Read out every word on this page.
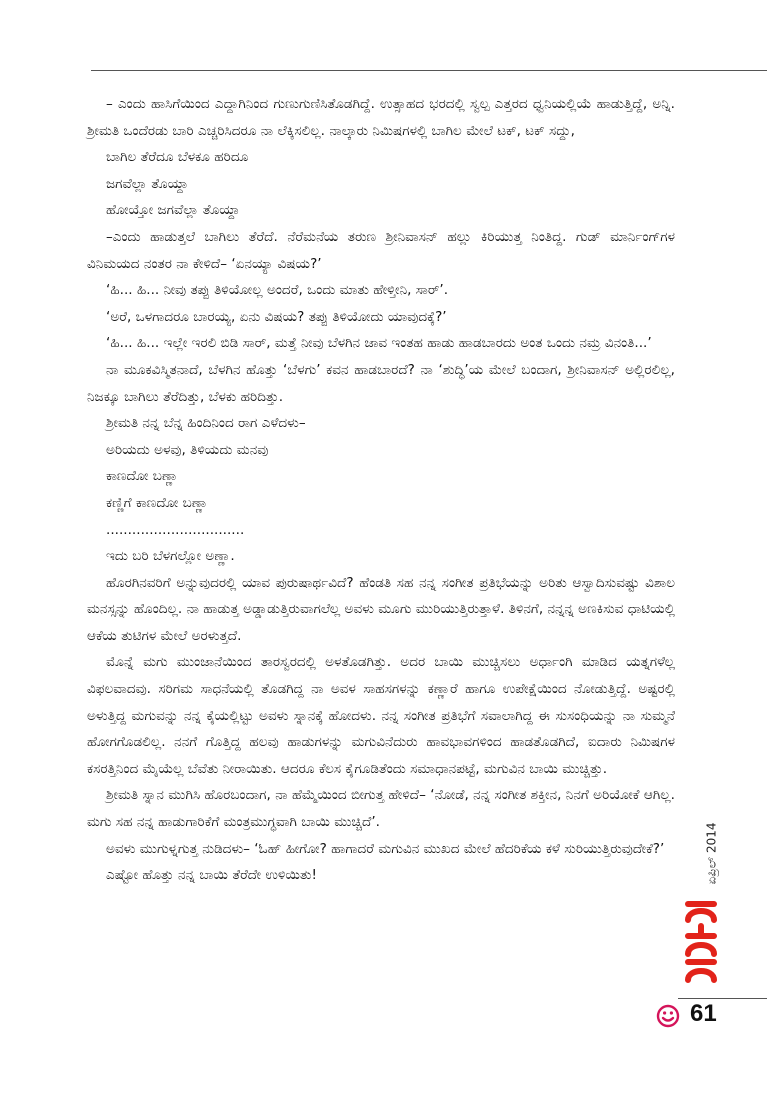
– ಎಂದು ಹಾಸಿಗೆಯಿಂದ ಎದ್ದಾಗಿನಿಂದ ಗುಣುಗುಣಿಸಿತೊಡಗಿದ್ದೆ. ಉತ್ಸಾಹದ ಭರದಲ್ಲಿ ಸ್ವಲ್ಪ ಎತ್ತರದ ಧ್ವನಿಯಲ್ಲಿಯೆ ಹಾಡುತ್ತಿದ್ದೆ, ಅನ್ನಿ. ಶ್ರೀಮತಿ ಒಂದೆರಡು ಬಾರಿ ಎಚ್ಚರಿಸಿದರೂ ನಾ ಲೆಕ್ಕಿಸಲಿಲ್ಲ. ನಾಲ್ಕಾರು ನಿಮಿಷಗಳಲ್ಲಿ ಬಾಗಿಲ ಮೇಲೆ ಟಕ್, ಟಕ್ ಸದ್ದು,

ಬಾಗಿಲ ತೆರೆದೂ ಬೆಳಕೂ ಹರಿದೂ

ಜಗವೆಲ್ಲಾ ತೊಯ್ದಾ

ಹೋಯ್ತೋ ಜಗವೆಲ್ಲಾ ತೊಯ್ದಾ

–ಎಂದು ಹಾಡುತ್ತಲೆ ಬಾಗಿಲು ತೆರೆದೆ. ನೆರೆಮನೆಯ ತರುಣ ಶ್ರೀನಿವಾಸನ್ ಹಲ್ಲು ಕಿರಿಯುತ್ತ ನಿಂತಿದ್ದ. ಗುಡ್ ಮಾರ್ನಿಂಗ್‌ಗಳ ವಿನಿಮಯದ ನಂತರ ನಾ ಕೇಳಿದೆ– ‘ಏನಯ್ಯಾ ವಿಷಯ?’

‘ಹಿ... ಹಿ... ನೀವು ತಪ್ಪು ತಿಳಿಯೋಲ್ಲ ಅಂದರೆ, ಒಂದು ಮಾತು ಹೇಳ್ತೀನಿ, ಸಾರ್’.

‘ಅರೆ, ಒಳಗಾದರೂ ಬಾರಯ್ಯ, ಏನು ವಿಷಯ? ತಪ್ಪು ತಿಳಿಯೋದು ಯಾವುದಕ್ಕೆ?’

‘ಹಿ... ಹಿ... ಇಲ್ಲೇ ಇರಲಿ ಬಿಡಿ ಸಾರ್, ಮತ್ತೆ ನೀವು ಬೆಳಗಿನ ಜಾವ ಇಂತಹ ಹಾಡು ಹಾಡಬಾರದು ಅಂತ ಒಂದು ನಮ್ರ ವಿನಂತಿ...’

ನಾ ಮೂಕವಿಸ್ಮಿತನಾದೆ, ಬೆಳಗಿನ ಹೊತ್ತು ‘ಬೆಳಗು’ ಕವನ ಹಾಡಬಾರದೆ? ನಾ ‘ಶುದ್ಧಿ’ಯ ಮೇಲೆ ಬಂದಾಗ, ಶ್ರೀನಿವಾಸನ್ ಅಲ್ಲಿರಲಿಲ್ಲ, ನಿಜಕ್ಕೂ ಬಾಗಿಲು ತೆರೆದಿತ್ತು, ಬೆಳಕು ಹರಿದಿತ್ತು.

ಶ್ರೀಮತಿ ನನ್ನ ಬೆನ್ನ ಹಿಂದಿನಿಂದ ರಾಗ ಎಳೆದಳು–

ಅರಿಯದು ಅಳವು, ತಿಳಿಯದು ಮನವು

ಕಾಣದೋ ಬಣ್ಣಾ

ಕಣ್ಣಿಗೆ ಕಾಣದೋ ಬಣ್ಣಾ

................................

ಇದು ಬರಿ ಬೆಳಗಲ್ಲೋ ಅಣ್ಣಾ.

ಹೊರಗಿನವರಿಗೆ ಅನ್ನುವುದರಲ್ಲಿ ಯಾವ ಪುರುಷಾರ್ಥವಿದೆ? ಹೆಂಡತಿ ಸಹ ನನ್ನ ಸಂಗೀತ ಪ್ರತಿಭೆಯನ್ನು ಅರಿತು ಆಸ್ವಾದಿಸುವಷ್ಟು ವಿಶಾಲ ಮನಸ್ಸನ್ನು ಹೊಂದಿಲ್ಲ. ನಾ ಹಾಡುತ್ತ ಅಡ್ಡಾಡುತ್ತಿರುವಾಗಲೆಲ್ಲ ಅವಳು ಮೂಗು ಮುರಿಯುತ್ತಿರುತ್ತಾಳೆ. ತಿಳಿನಗೆ, ನನ್ನನ್ನ ಅಣಕಿಸುವ ಧಾಟಿಯಲ್ಲಿ ಆಕೆಯ ತುಟಿಗಳ ಮೇಲೆ ಅರಳುತ್ತದೆ.

ಮೊನ್ನೆ ಮಗು ಮುಂಜಾನೆಯಿಂದ ತಾರಸ್ವರದಲ್ಲಿ ಅಳತೊಡಗಿತ್ತು. ಅದರ ಬಾಯಿ ಮುಚ್ಚಿಸಲು ಅರ್ಧಾಂಗಿ ಮಾಡಿದ ಯತ್ನಗಳೆಲ್ಲ ವಿಫಲವಾದವು. ಸರಿಗಮ ಸಾಧನೆಯಲ್ಲಿ ತೊಡಗಿದ್ದ ನಾ ಅವಳ ಸಾಹಸಗಳನ್ನು ಕಣ್ಣಾರೆ ಹಾಗೂ ಉಪೇಕ್ಷೆಯಿಂದ ನೋಡುತ್ತಿದ್ದೆ. ಅಷ್ಟರಲ್ಲಿ ಅಳುತ್ತಿದ್ದ ಮಗುವನ್ನು ನನ್ನ ಕೈಯಲ್ಲಿಟ್ಟು ಅವಳು ಸ್ನಾನಕ್ಕೆ ಹೋದಳು. ನನ್ನ ಸಂಗೀತ ಪ್ರತಿಭೆಗೆ ಸವಾಲಾಗಿದ್ದ ಈ ಸುಸಂಧಿಯನ್ನು ನಾ ಸುಮ್ಮನೆ ಹೋಗಗೊಡಲಿಲ್ಲ. ನನಗೆ ಗೊತ್ತಿದ್ದ ಹಲವು ಹಾಡುಗಳನ್ನು ಮಗುವಿನೆದುರು ಹಾವಭಾವಗಳಿಂದ ಹಾಡತೊಡಗಿದೆ, ಐದಾರು ನಿಮಿಷಗಳ ಕಸರತ್ತಿನಿಂದ ಮೈಯೆಲ್ಲ ಬೆವೆತು ನೀರಾಯಿತು. ಆದರೂ ಕೆಲಸ ಕೈಗೂಡಿತೆಂದು ಸಮಾಧಾನಪಟ್ಟೆ, ಮಗುವಿನ ಬಾಯಿ ಮುಚ್ಚಿತ್ತು.

ಶ್ರೀಮತಿ ಸ್ನಾನ ಮುಗಿಸಿ ಹೊರಬಂದಾಗ, ನಾ ಹೆಮ್ಮೆಯಿಂದ ಬೀಗುತ್ತ ಹೇಳಿದೆ– ‘ನೋಡೆ, ನನ್ನ ಸಂಗೀತ ಶಕ್ತೀನ, ನಿನಗೆ ಅರಿಯೋಕೆ ಆಗಿಲ್ಲ. ಮಗು ಸಹ ನನ್ನ ಹಾಡುಗಾರಿಕೆಗೆ ಮಂತ್ರಮುಗ್ಧವಾಗಿ ಬಾಯಿ ಮುಚ್ಚಿದೆ’.

ಅವಳು ಮುಗುಳ್ನಗುತ್ತ ನುಡಿದಳು– ‘ಓಹ್ ಹೀಗೋ? ಹಾಗಾದರೆ ಮಗುವಿನ ಮುಖದ ಮೇಲೆ ಹೆದರಿಕೆಯ ಕಳೆ ಸುರಿಯುತ್ತಿರುವುದೇಕೆ?’

ಎಷ್ಟೋ ಹೊತ್ತು ನನ್ನ ಬಾಯಿ ತೆರೆದೇ ಉಳಿಯಿತು!	ಏಪ್ರಿಲ್ 2014
61
